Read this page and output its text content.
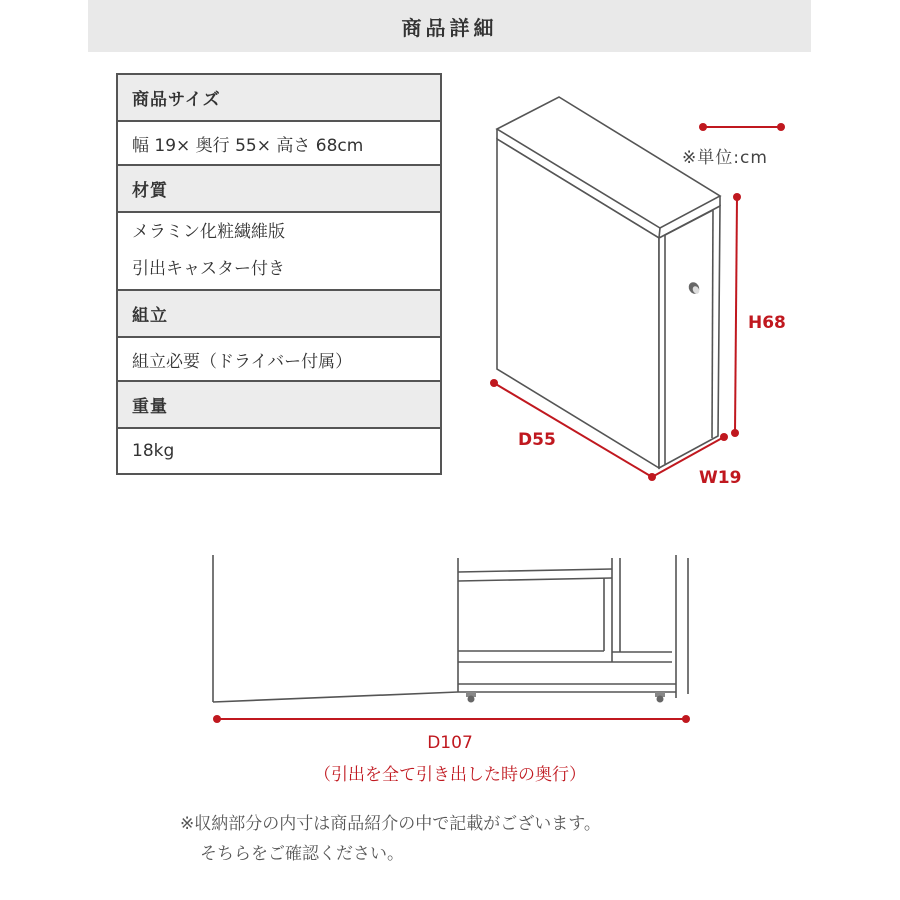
商品詳細
商品サイズ
幅 19× 奥行 55× 高さ 68cm
材質
メラミン化粧繊維版
引出キャスター付き
組立
組立必要（ドライバー付属）
重量
18kg
※単位:cm
H68
D55
W19
D107
（引出を全て引き出した時の奥行）
※収納部分の内寸は商品紹介の中で記載がございます。
そちらをご確認ください。
